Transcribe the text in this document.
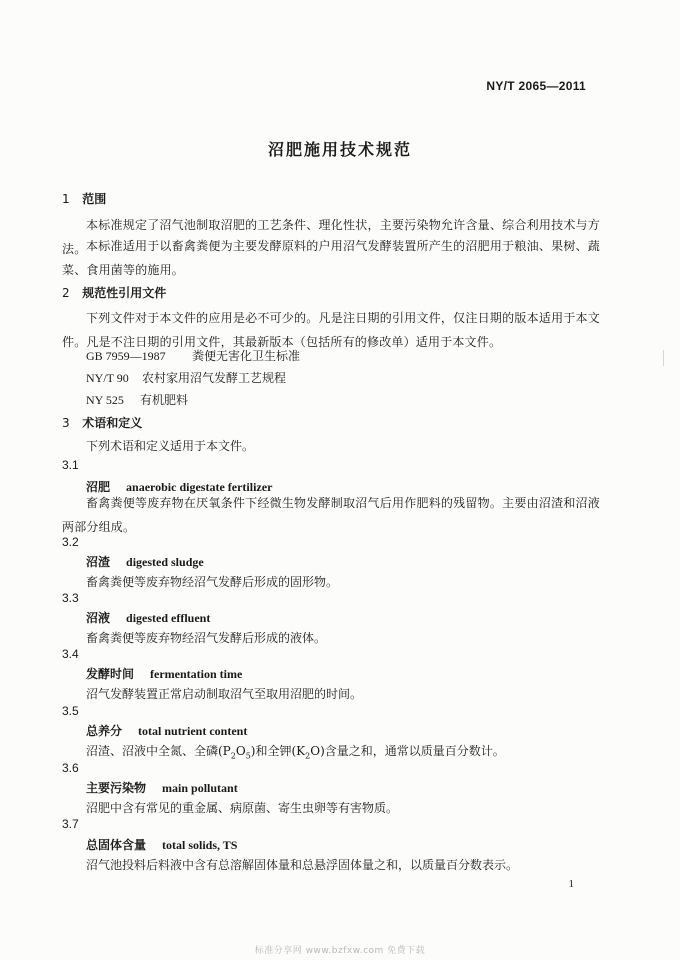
NY/T 2065—2011
沼肥施用技术规范
1 范围
本标准规定了沼气池制取沼肥的工艺条件、理化性状，主要污染物允许含量、综合利用技术与方法。 本标准适用于以畜禽粪便为主要发酵原料的户用沼气发酵装置所产生的沼肥用于粮油、果树、蔬菜、食用菌等的施用。
2 规范性引用文件
下列文件对于本文件的应用是必不可少的。凡是注日期的引用文件，仅注日期的版本适用于本文件。凡是不注日期的引用文件，其最新版本（包括所有的修改单）适用于本文件。
GB 7959—1987 粪便无害化卫生标准
NY/T 90 农村家用沼气发酵工艺规程
NY 525 有机肥料
3 术语和定义
下列术语和定义适用于本文件。
3.1
沼肥 anaerobic digestate fertilizer
畜禽粪便等废弃物在厌氧条件下经微生物发酵制取沼气后用作肥料的残留物。主要由沼渣和沼液两部分组成。
3.2
沼渣 digested sludge
畜禽粪便等废弃物经沼气发酵后形成的固形物。
3.3
沼液 digested effluent
畜禽粪便等废弃物经沼气发酵后形成的液体。
3.4
发酵时间 fermentation time
沼气发酵装置正常启动制取沼气至取用沼肥的时间。
3.5
总养分 total nutrient content
沼渣、沼液中全氮、全磷$(P_2O_5)$和全钾$(K_2O)$含量之和，通常以质量百分数计。
3.6
主要污染物 main pollutant
沼肥中含有常见的重金属、病原菌、寄生虫卵等有害物质。
3.7
总固体含量 total solids, TS
沼气池投料后料液中含有总溶解固体量和总悬浮固体量之和，以质量百分数表示。
1
标准分享网 www.bzfxw.com 免费下载
